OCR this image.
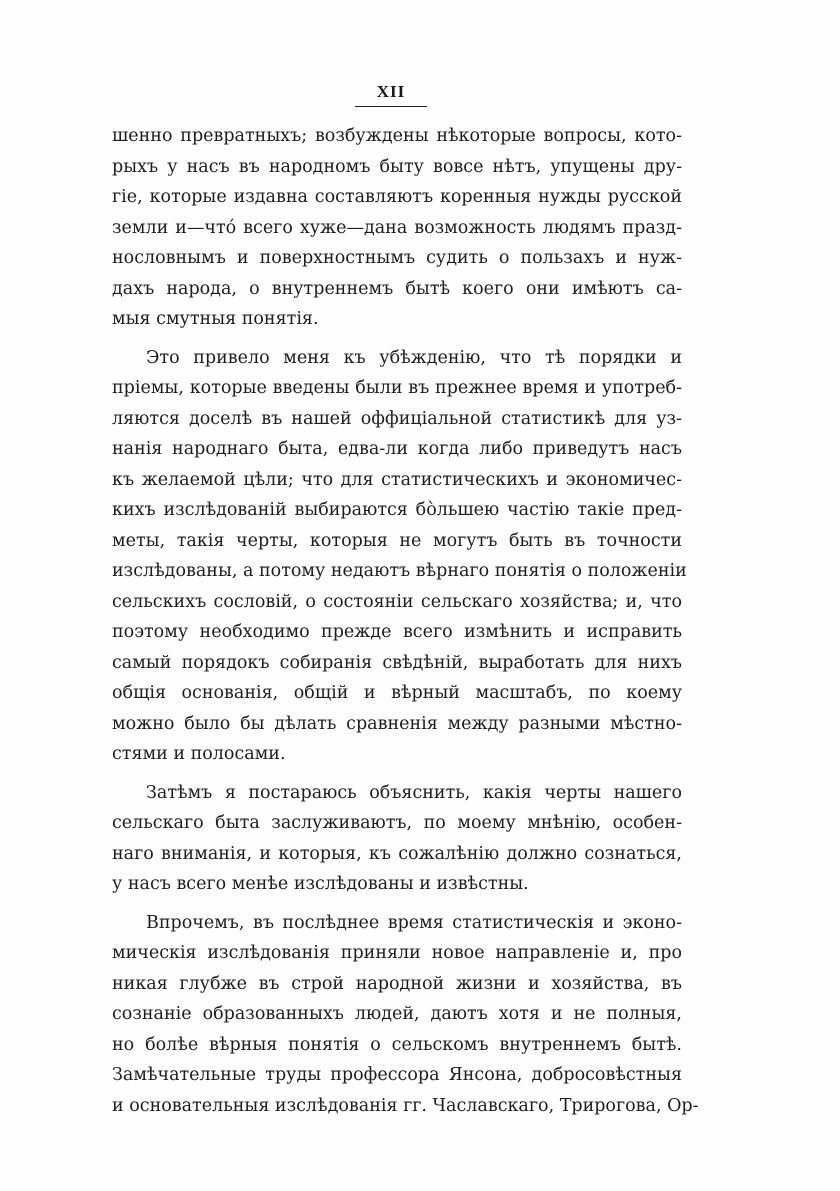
XII
шенно превратныхъ; возбуждены нѣкоторые вопросы, кото-
рыхъ у насъ въ народномъ быту вовсе нѣтъ, упущены дру-
гіе, которые издавна составляютъ коренныя нужды русской
земли и—что́ всего хуже—дана возможность людямъ празд-
нословнымъ и поверхностнымъ судить о пользахъ и нуж-
дахъ народа, о внутреннемъ бытѣ коего они имѣютъ са-
мыя смутныя понятія.
Это привело меня къ убѣжденію, что тѣ порядки и
пріемы, которые введены были въ прежнее время и употреб-
ляются доселѣ въ нашей оффиціальной статистикѣ для уз-
нанія народнаго быта, едва-ли когда либо приведутъ насъ
къ желаемой цѣли; что для статистическихъ и экономичес-
кихъ изслѣдованій выбираются бо̀льшею частію такіе пред-
меты, такія черты, которыя не могутъ быть въ точности
изслѣдованы, а потому недаютъ вѣрнаго понятія о положеніи
сельскихъ сословій, о состояніи сельскаго хозяйства; и, что
поэтому необходимо прежде всего измѣнить и исправить
самый порядокъ собиранія свѣдѣній, выработать для нихъ
общія основанія, общій и вѣрный масштабъ, по коему
можно было бы дѣлать сравненія между разными мѣстно-
стями и полосами.
Затѣмъ я постараюсь объяснить, какія черты нашего
сельскаго быта заслуживаютъ, по моему мнѣнію, особен-
наго вниманія, и которыя, къ сожалѣнію должно сознаться,
у насъ всего менѣе изслѣдованы и извѣстны.
Впрочемъ, въ послѣднее время статистическія и эконо-
мическія изслѣдованія приняли новое направленіе и, про
никая глубже въ строй народной жизни и хозяйства, въ
сознаніе образованныхъ людей, даютъ хотя и не полныя,
но болѣе вѣрныя понятія о сельскомъ внутреннемъ бытѣ.
Замѣчательные труды профессора Янсона, добросовѣстныя
и основательныя изслѣдованія гг. Чаславскаго, Трирогова, Ор-
